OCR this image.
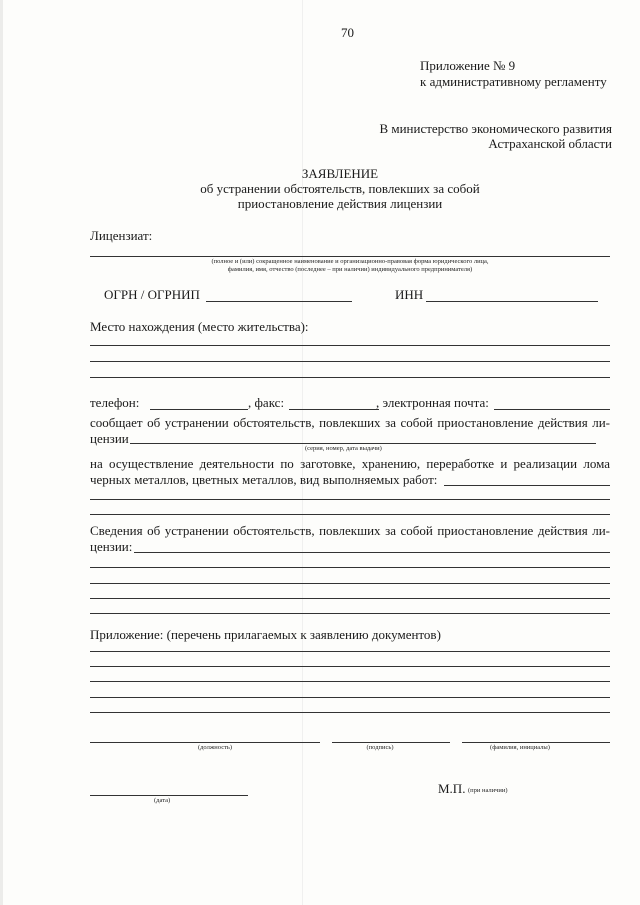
70
Приложение № 9
к административному регламенту
В министерство экономического развития
Астраханской области
ЗАЯВЛЕНИЕ
об устранении обстоятельств, повлекших за собой
приостановление действия лицензии
Лицензиат:
(полное и (или) сокращенное наименование и организационно-правовая форма юридического лица,
фамилия, имя, отчество (последнее – при наличии) индивидуального предпринимателя)
ОГРН / ОГРНИП	ИНН
Место нахождения (место жительства):
телефон:	, факс:	, электронная почта:
сообщает об устранении обстоятельств, повлекших за собой приостановление действия ли-
цензии
(серия, номер, дата выдачи)
на осуществление деятельности по заготовке, хранению, переработке и реализации лома
черных металлов, цветных металлов, вид выполняемых работ:
Сведения об устранении обстоятельств, повлекших за собой приостановление действия ли-
цензии:
Приложение: (перечень прилагаемых к заявлению документов)
(должность)	(подпись)	(фамилия, инициалы)
М.П. (при наличии)
(дата)
